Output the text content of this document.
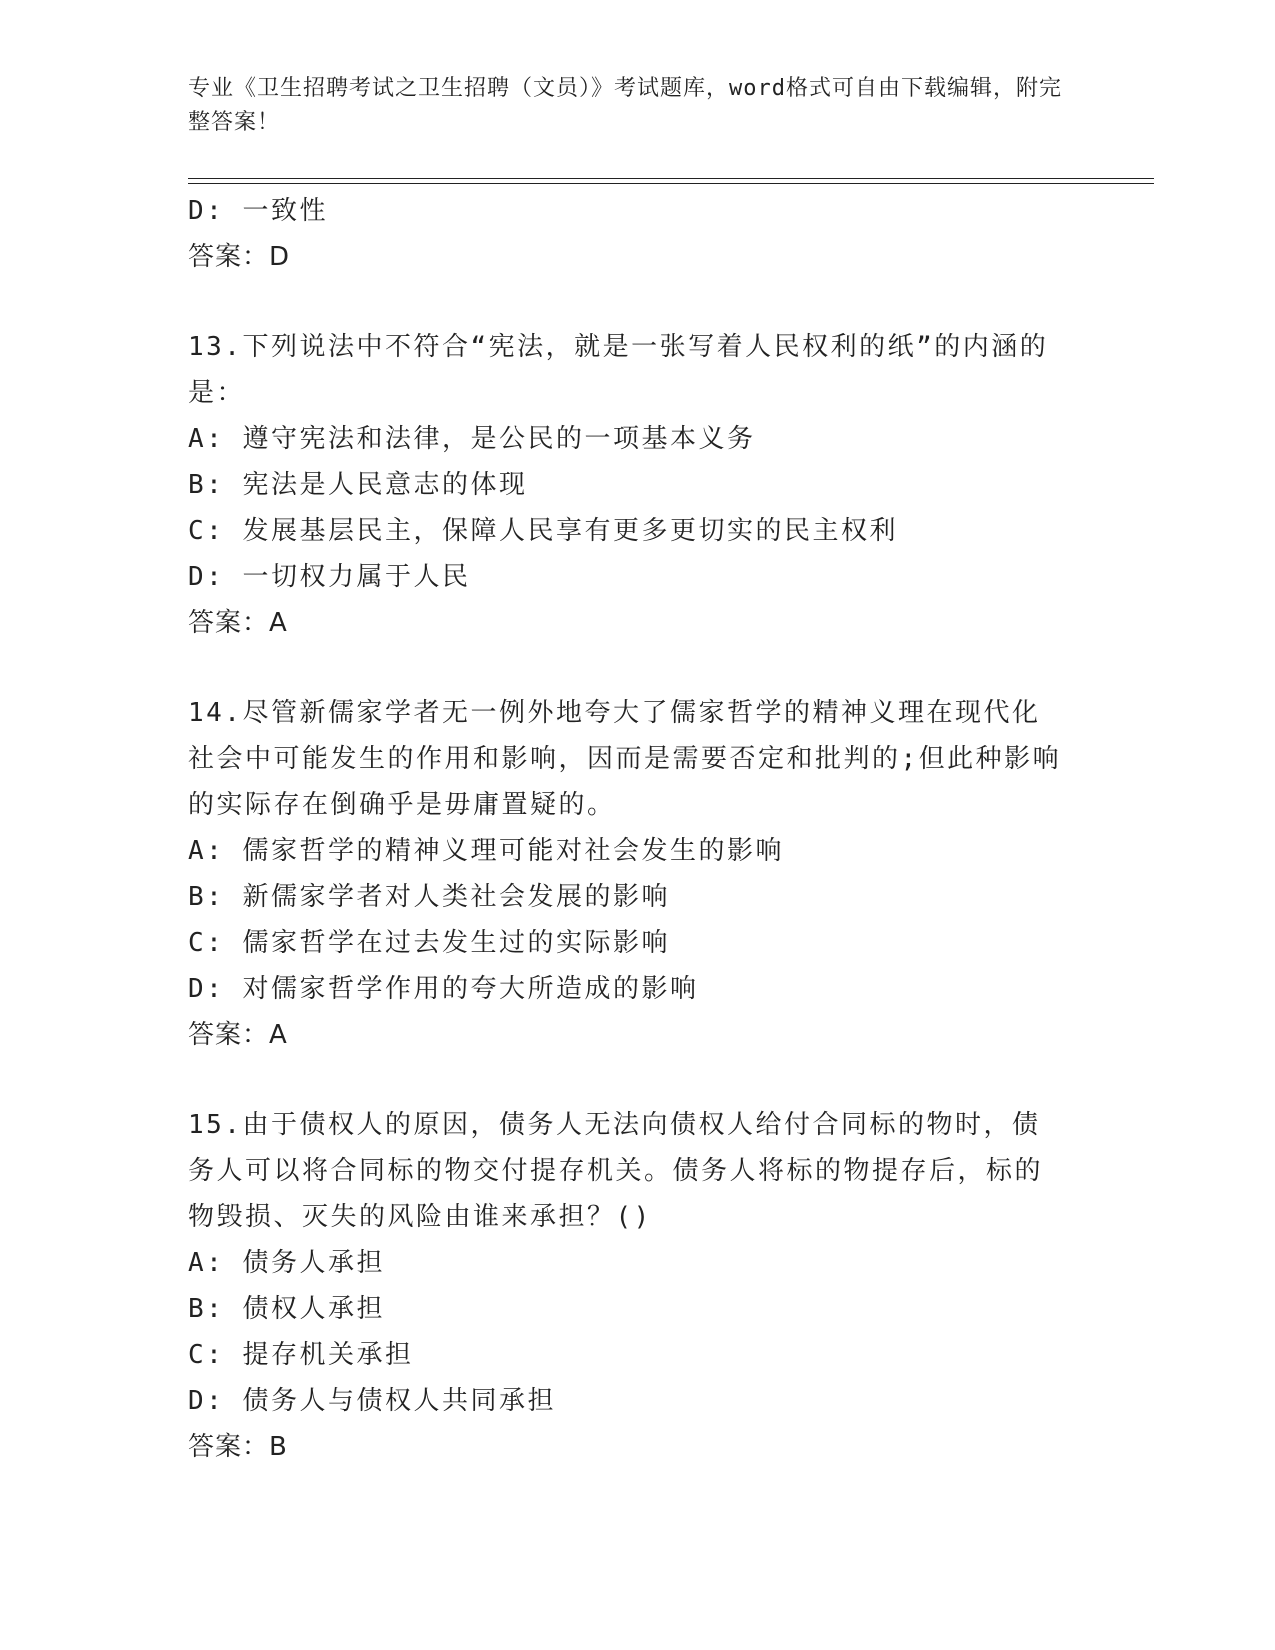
专业《卫生招聘考试之卫生招聘（文员）》考试题库，word格式可自由下载编辑，附完整答案！
D: 一致性
答案：D
13.下列说法中不符合“宪法，就是一张写着人民权利的纸”的内涵的是：
A: 遵守宪法和法律，是公民的一项基本义务
B: 宪法是人民意志的体现
C: 发展基层民主，保障人民享有更多更切实的民主权利
D: 一切权力属于人民
答案：A
14.尽管新儒家学者无一例外地夸大了儒家哲学的精神义理在现代化社会中可能发生的作用和影响，因而是需要否定和批判的;但此种影响的实际存在倒确乎是毋庸置疑的。
A: 儒家哲学的精神义理可能对社会发生的影响
B: 新儒家学者对人类社会发展的影响
C: 儒家哲学在过去发生过的实际影响
D: 对儒家哲学作用的夸大所造成的影响
答案：A
15.由于债权人的原因，债务人无法向债权人给付合同标的物时，债务人可以将合同标的物交付提存机关。债务人将标的物提存后，标的物毁损、灭失的风险由谁来承担？()
A: 债务人承担
B: 债权人承担
C: 提存机关承担
D: 债务人与债权人共同承担
答案：B
